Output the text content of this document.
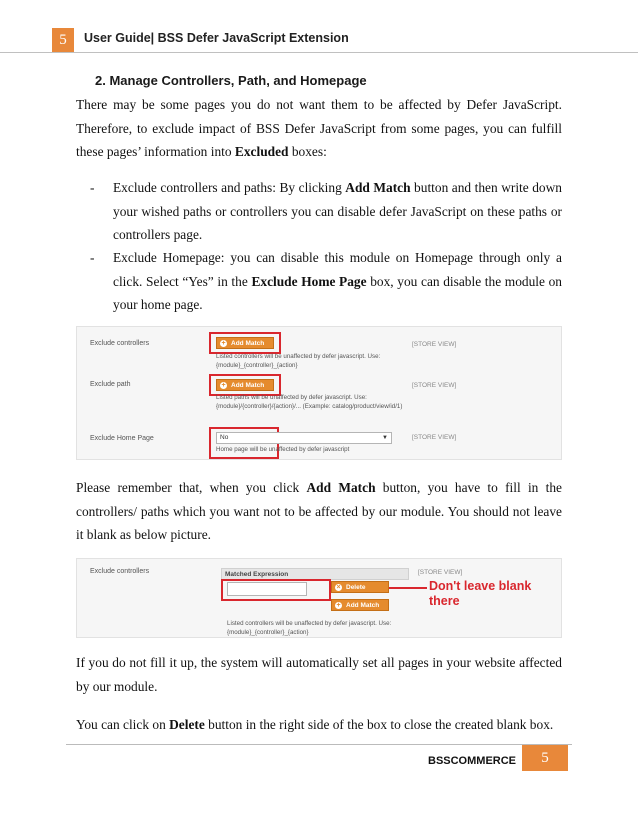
5	User Guide| BSS Defer JavaScript Extension
2. Manage Controllers, Path, and Homepage

There may be some pages you do not want them to be affected by Defer JavaScript. Therefore, to exclude impact of BSS Defer JavaScript from some pages, you can fulfill these pages’ information into Excluded boxes:

- Exclude controllers and paths: By clicking Add Match button and then write down your wished paths or controllers you can disable defer JavaScript on these paths or controllers page.
- Exclude Homepage: you can disable this module on Homepage through only a click. Select “Yes” in the Exclude Home Page box, you can disable the module on your home page.
Exclude controllers	+ Add Match	[STORE VIEW]
Listed controllers will be unaffected by defer javascript. Use: {module}_{controller}_{action}
Exclude path	+ Add Match	[STORE VIEW]
Listed paths will be unaffected by defer javascript. Use: {module}/{controller}/{action}/... (Example: catalog/product/view/id/1)
Exclude Home Page	No	▼	[STORE VIEW]
Home page will be unaffected by defer javascript

Please remember that, when you click Add Match button, you have to fill in the controllers/ paths which you want not to be affected by our module. You should not leave it blank as below picture.

Exclude controllers	Matched Expression	[STORE VIEW]
× Delete
+ Add Match
Don't leave blank
there
Listed controllers will be unaffected by defer javascript. Use: {module}_{controller}_{action}

If you do not fill it up, the system will automatically set all pages in your website affected by our module.

You can click on Delete button in the right side of the box to close the created blank box.

BSSCOMMERCE	5
